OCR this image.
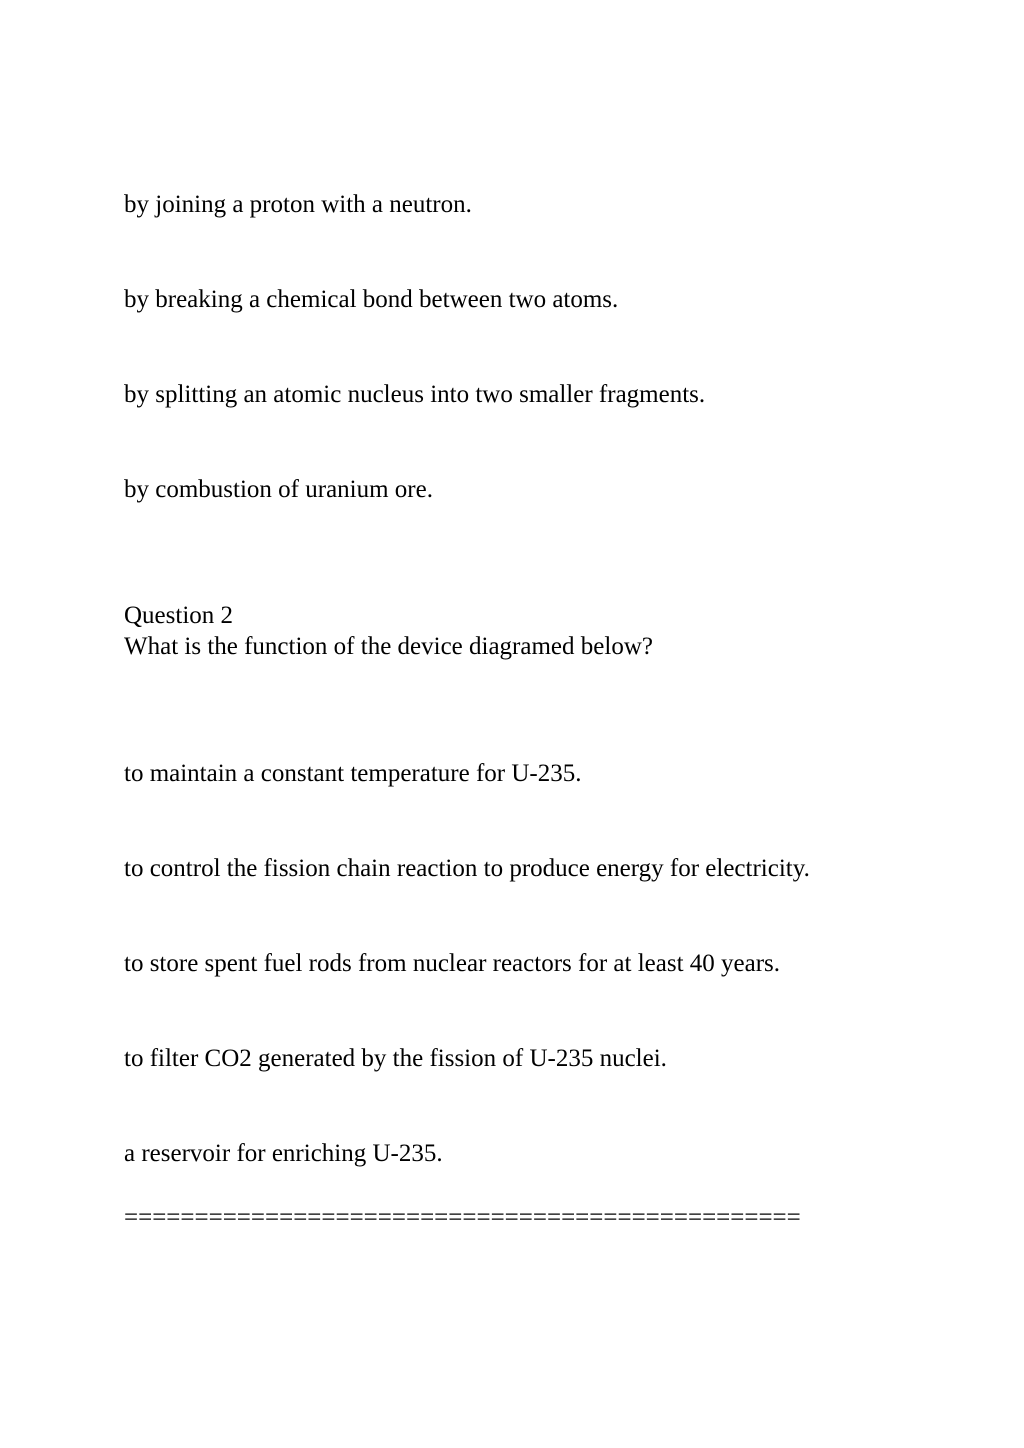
by joining a proton with a neutron.
by breaking a chemical bond between two atoms.
by splitting an atomic nucleus into two smaller fragments.
by combustion of uranium ore.
Question 2
What is the function of the device diagramed below?
to maintain a constant temperature for U-235.
to control the fission chain reaction to produce energy for electricity.
to store spent fuel rods from nuclear reactors for at least 40 years.
to filter CO2 generated by the fission of U-235 nuclei.
a reservoir for enriching U-235.
================================================
